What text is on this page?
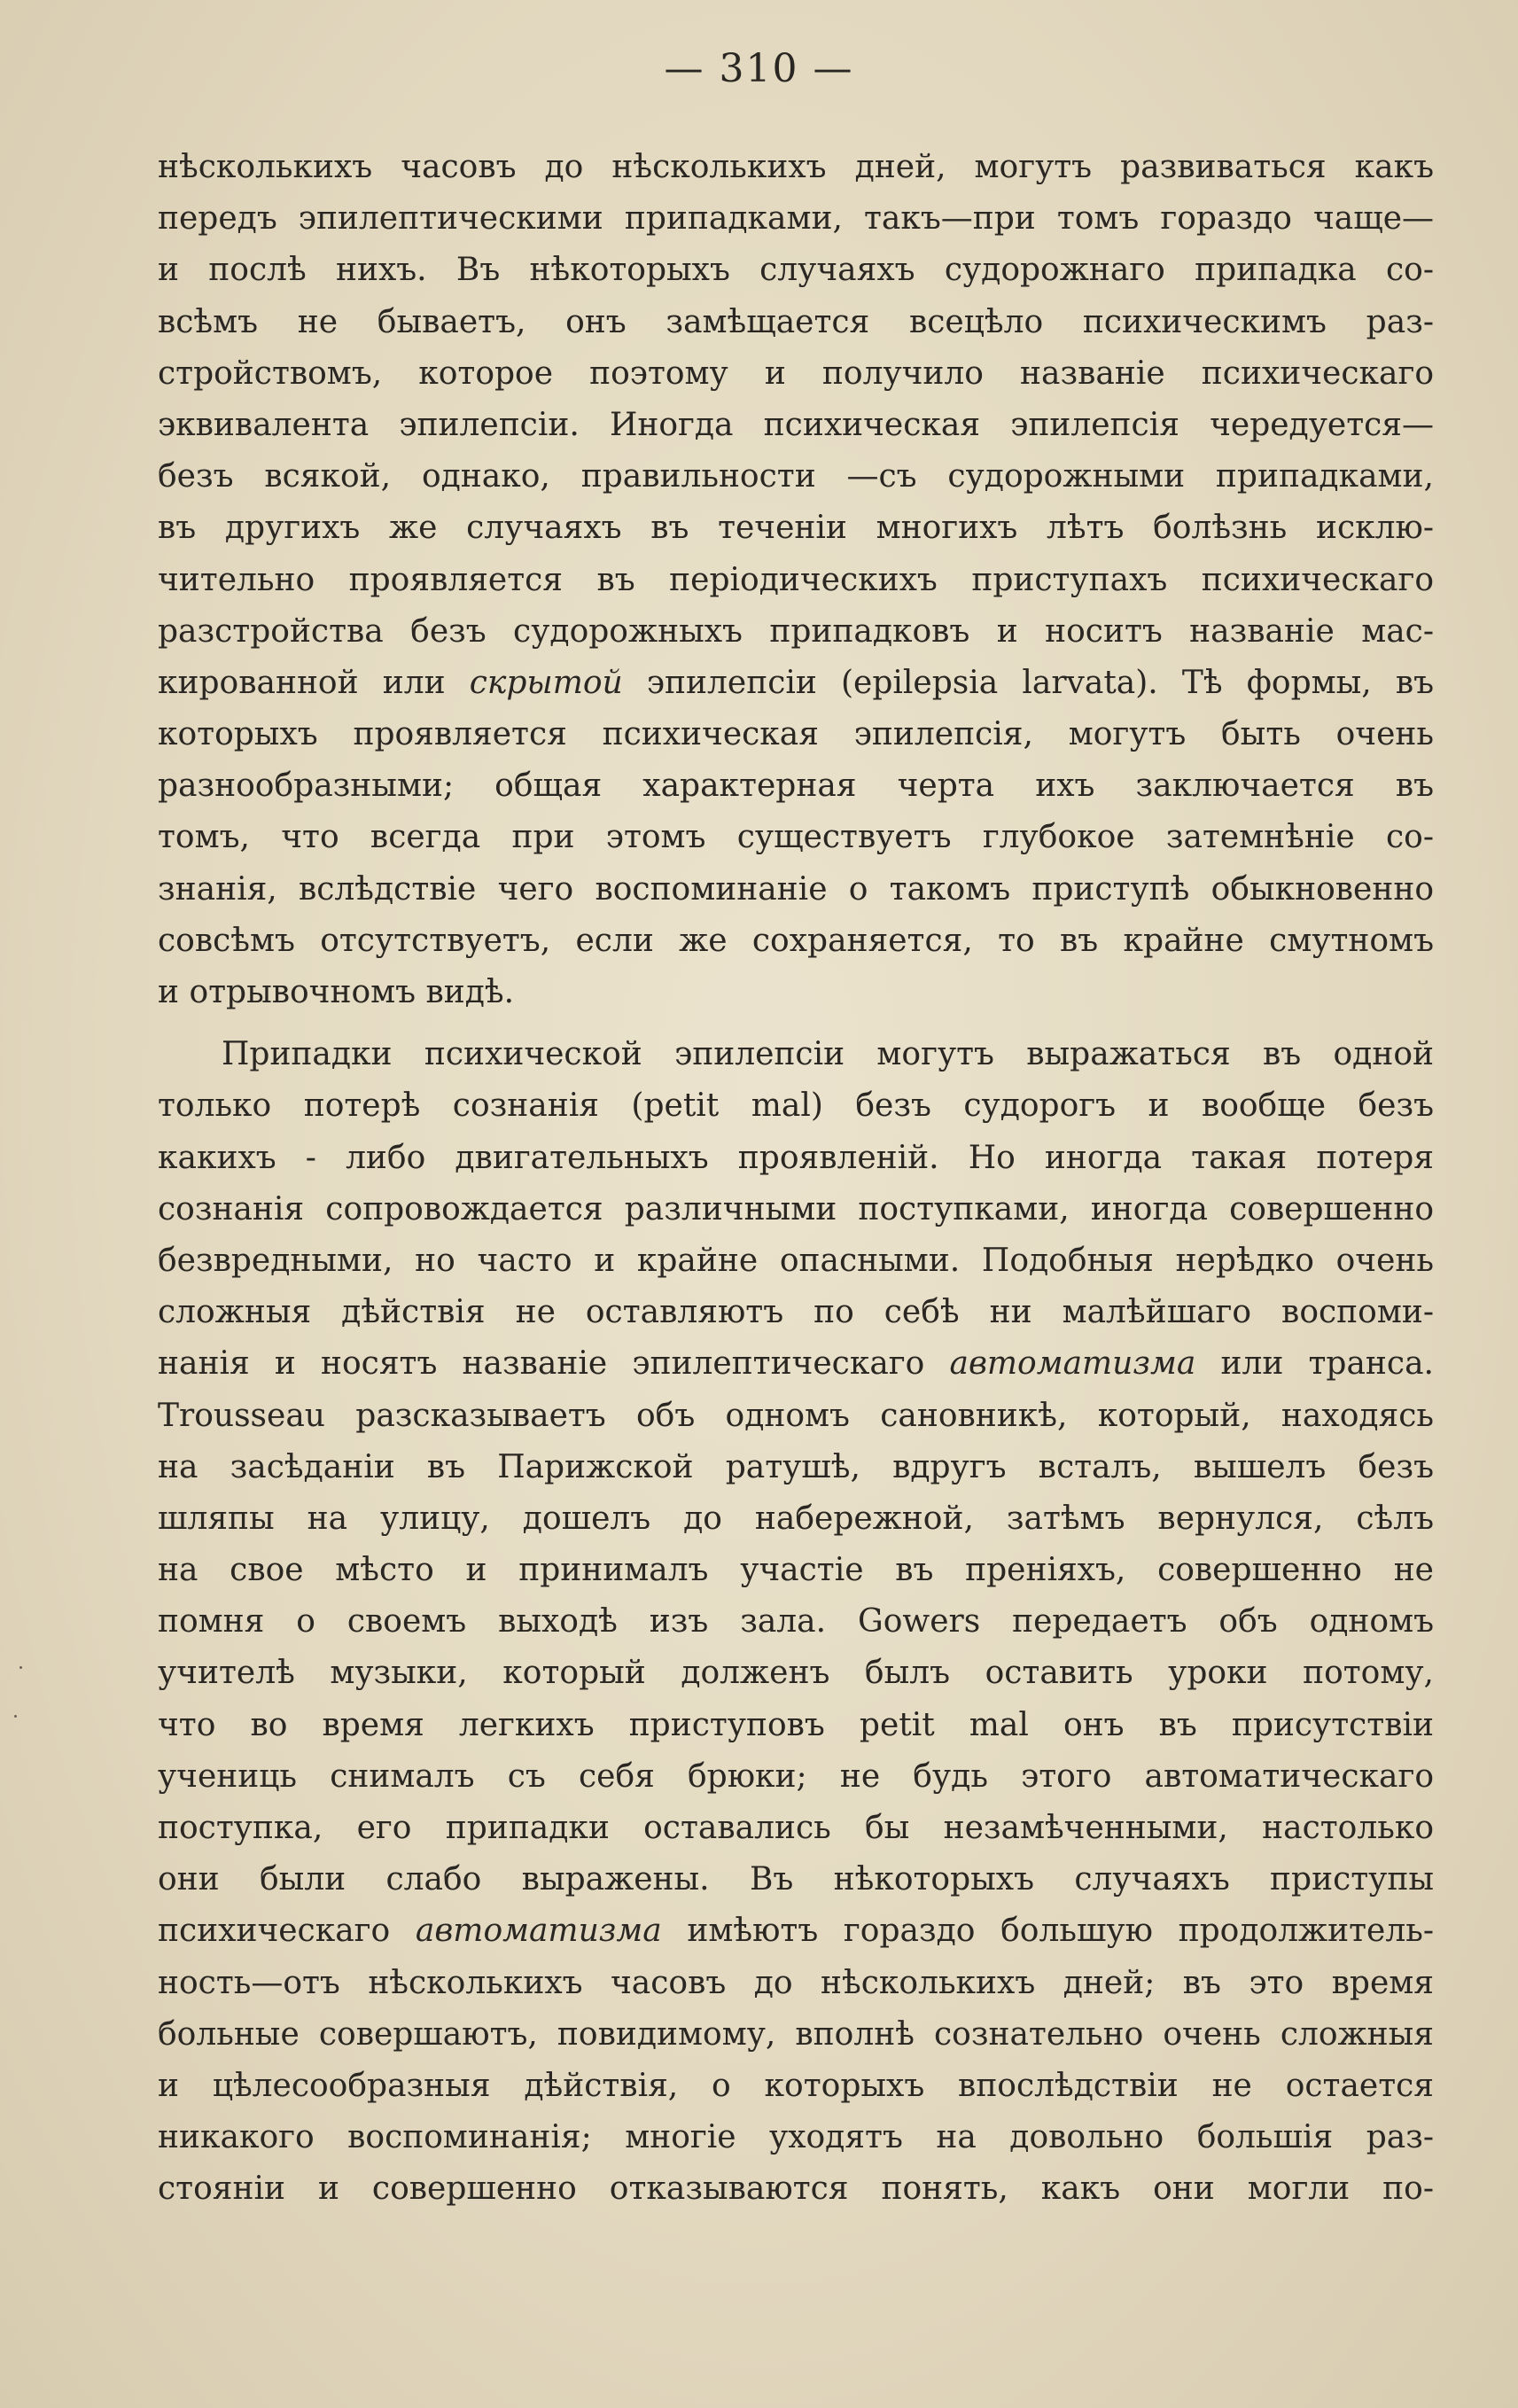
— 310 —
нѣсколькихъ часовъ до нѣсколькихъ дней, могутъ развиваться какъ
передъ эпилептическими припадками, такъ—при томъ гораздо чаще—
и послѣ нихъ. Въ нѣкоторыхъ случаяхъ судорожнаго припадка со-
всѣмъ не бываетъ, онъ замѣщается всецѣло психическимъ раз-
стройствомъ, которое поэтому и получило названіе психическаго
эквивалента эпилепсіи. Иногда психическая эпилепсія чередуется—
безъ всякой, однако, правильности —съ судорожными припадками,
въ другихъ же случаяхъ въ теченіи многихъ лѣтъ болѣзнь исклю-
чительно проявляется въ періодическихъ приступахъ психическаго
разстройства безъ судорожныхъ припадковъ и носитъ названіе мас-
кированной или скрытой эпилепсіи (epilepsia larvata). Тѣ формы, въ
которыхъ проявляется психическая эпилепсія, могутъ быть очень
разнообразными; общая характерная черта ихъ заключается въ
томъ, что всегда при этомъ существуетъ глубокое затемнѣніе со-
знанія, вслѣдствіе чего воспоминаніе о такомъ приступѣ обыкновенно
совсѣмъ отсутствуетъ, если же сохраняется, то въ крайне смутномъ
и отрывочномъ видѣ.
Припадки психической эпилепсіи могутъ выражаться въ одной
только потерѣ сознанія (petit mal) безъ судорогъ и вообще безъ
какихъ - либо двигательныхъ проявленій. Но иногда такая потеря
сознанія сопровождается различными поступками, иногда совершенно
безвредными, но часто и крайне опасными. Подобныя нерѣдко очень
сложныя дѣйствія не оставляютъ по себѣ ни малѣйшаго воспоми-
нанія и носятъ названіе эпилептическаго автоматизма или транса.
Trousseau разсказываетъ объ одномъ сановникѣ, который, находясь
на засѣданіи въ Парижской ратушѣ, вдругъ всталъ, вышелъ безъ
шляпы на улицу, дошелъ до набережной, затѣмъ вернулся, сѣлъ
на свое мѣсто и принималъ участіе въ преніяхъ, совершенно не
помня о своемъ выходѣ изъ зала. Gowers передаетъ объ одномъ
учителѣ музыки, который долженъ былъ оставить уроки потому,
что во время легкихъ приступовъ petit mal онъ въ присутствіи
учениць снималъ съ себя брюки; не будь этого автоматическаго
поступка, его припадки оставались бы незамѣченными, настолько
они были слабо выражены. Въ нѣкоторыхъ случаяхъ приступы
психическаго автоматизма имѣютъ гораздо большую продолжитель-
ность—отъ нѣсколькихъ часовъ до нѣсколькихъ дней; въ это время
больные совершаютъ, повидимому, вполнѣ сознательно очень сложныя
и цѣлесообразныя дѣйствія, о которыхъ впослѣдствіи не остается
никакого воспоминанія; многіе уходятъ на довольно большія раз-
стояніи и совершенно отказываются понять, какъ они могли по-
